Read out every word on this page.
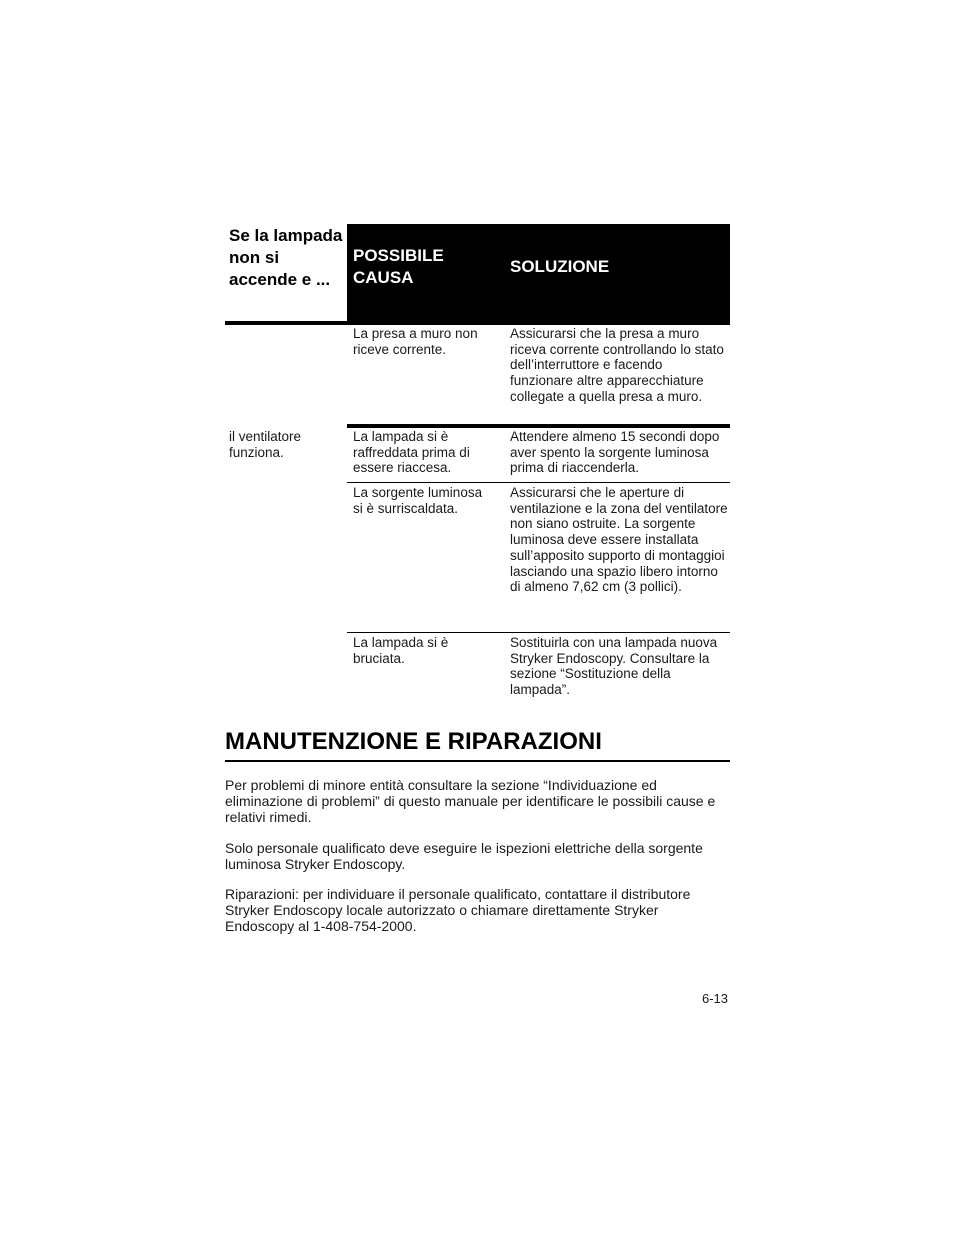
Se la lampada non si accende e ...
POSSIBILE CAUSA
SOLUZIONE
La presa a muro non riceve corrente.
Assicurarsi che la presa a muro riceva corrente controllando lo stato dell’interruttore e facendo funzionare altre apparecchiature collegate a quella presa a muro.
il ventilatore funziona.
La lampada si è raffreddata prima di essere riaccesa.
Attendere almeno 15 secondi dopo aver spento la sorgente luminosa prima di riaccenderla.
La sorgente luminosa si è surriscaldata.
Assicurarsi che le aperture di ventilazione e la zona del ventilatore non siano ostruite. La sorgente luminosa deve essere installata sull’apposito supporto di montaggioi lasciando una spazio libero intorno di almeno 7,62 cm (3 pollici).
La lampada si è bruciata.
Sostituirla con una lampada nuova Stryker Endoscopy. Consultare la sezione “Sostituzione della lampada”.
MANUTENZIONE E RIPARAZIONI
Per problemi di minore entità consultare la sezione “Individuazione ed eliminazione di problemi” di questo manuale per identificare le possibili cause e relativi rimedi.
Solo personale qualificato deve eseguire le ispezioni elettriche della sorgente luminosa Stryker Endoscopy.
Riparazioni: per individuare il personale qualificato, contattare il distributore Stryker Endoscopy locale autorizzato o chiamare direttamente Stryker Endoscopy al 1-408-754-2000.
6-13
